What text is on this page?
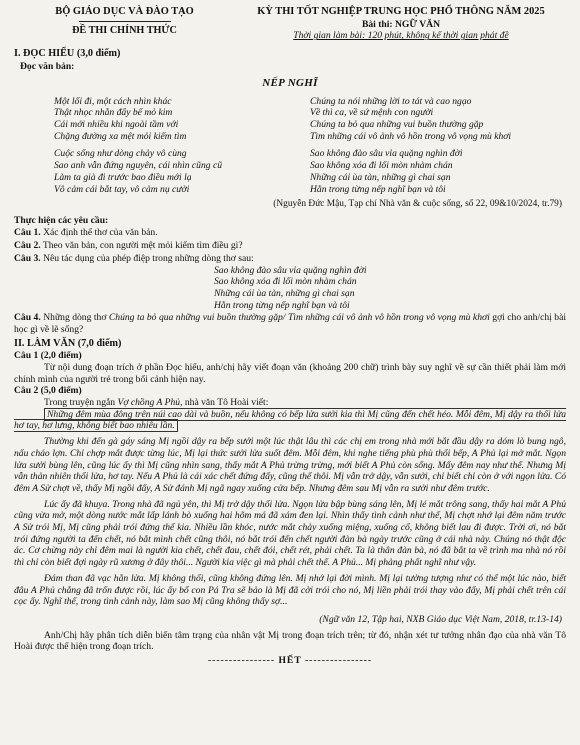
BỘ GIÁO DỤC VÀ ĐÀO TẠO
ĐỀ THI CHÍNH THỨC
KỲ THI TỐT NGHIỆP TRUNG HỌC PHỔ THÔNG NĂM 2025
Bài thi: NGỮ VĂN
Thời gian làm bài: 120 phút, không kể thời gian phát đề
I. ĐỌC HIỂU (3,0 điểm)
Đọc văn bản:
NẾP NGHĨ
Một lối đi, một cách nhìn khác
Thật nhọc nhằn đẩy bể mỏ kim
Cái mới nhiều khi ngoài tầm với
Chặng đường xa mệt mỏi kiếm tìm
Chúng ta nói những lời to tát và cao ngạo
Về thì ca, về sứ mệnh con người
Chúng ta bỏ qua những vui buồn thường gặp
Tìm những cái vô ảnh vô hồn trong vô vọng mù khơi
Cuộc sống như dòng chảy vô cùng
Sao anh vẫn đứng nguyên, cái nhìn cũng cũ
Làm ta già đi trước bao điều mới lạ
Vô cảm cái bắt tay, vô cảm nụ cười
Sao không đào sâu vỉa quặng nghìn đời
Sao không xóa đi lối mòn nhàm chán
Những cái ùa tàn, những gì chai sạn
Hằn trong từng nếp nghĩ bạn và tôi
(Nguyễn Đức Mậu, Tạp chí Nhà văn & cuộc sống, số 22, 09&10/2024, tr.79)
Thực hiện các yêu cầu:

Câu 1. Xác định thể thơ của văn bản.

Câu 2. Theo văn bản, con người mệt mỏi kiếm tìm điều gì?

Câu 3. Nêu tác dụng của phép điệp trong những dòng thơ sau:

Sao không đào sâu vỉa quặng nghìn đời
Sao không xóa đi lối mòn nhàm chán
Những cái ùa tàn, những gì chai sạn
Hằn trong từng nếp nghĩ bạn và tôi

Câu 4. Những dòng thơ Chúng ta bỏ qua những vui buồn thường gặp/ Tìm những cái vô ảnh vô hồn trong vô vọng mù khơi gợi cho anh/chị bài học gì về lẽ sống?

II. LÀM VĂN (7,0 điểm)
Câu 1 (2,0 điểm)

Từ nội dung đoạn trích ở phần Đọc hiểu, anh/chị hãy viết đoạn văn (khoảng 200 chữ) trình bày suy nghĩ về sự cần thiết phải làm mới chính mình của người trẻ trong bối cảnh hiện nay.

Câu 2 (5,0 điểm)

Trong truyện ngắn Vợ chồng A Phủ, nhà văn Tô Hoài viết:

Những đêm mùa đông trên núi cao dài và buồn, nếu không có bếp lửa sưởi kia thì Mị cũng đến chết héo. Mỗi đêm, Mị dậy ra thổi lửa hơ tay, hơ lưng, không biết bao nhiêu lần.

Thường khi đến gà gáy sáng Mị ngồi dậy ra bếp sưởi một lúc thật lâu thì các chị em trong nhà mới bắt đầu dậy ra dóm lò bung ngô, nấu cháo lợn. Chỉ chợp mắt được từng lúc, Mị lại thức sưởi lửa suốt đêm. Mỗi đêm, khi nghe tiếng phù phù thổi bếp, A Phủ lại mở mắt. Ngọn lửa sưởi bùng lên, cũng lúc ấy thì Mị cũng nhìn sang, thấy mắt A Phủ trừng trừng, mới biết A Phủ còn sống. Mấy đêm nay như thế. Nhưng Mị vẫn thản nhiên thổi lửa, hơ tay. Nếu A Phủ là cái xác chết đứng đấy, cũng thế thôi. Mị vẫn trở dậy, vẫn sưởi, chỉ biết chỉ còn ở với ngọn lửa. Có đêm A Sử chợt về, thấy Mị ngồi đấy, A Sử đánh Mị ngã ngay xuống cửa bếp. Nhưng đêm sau Mị vẫn ra sưởi như đêm trước.

Lúc ấy đã khuya. Trong nhà đã ngủ yên, thì Mị trở dậy thổi lửa. Ngọn lửa bập bùng sáng lên, Mị lé mắt trông sang, thấy hai mắt A Phủ cũng vừa mở, một dòng nước mắt lấp lánh bò xuống hai hõm má đã xám đen lại. Nhìn thấy tình cảnh như thế, Mị chợt nhớ lại đêm năm trước A Sử trói Mị, Mị cũng phải trói đứng thế kia. Nhiều lần khóc, nước mắt chảy xuống miệng, xuống cổ, không biết lau đi được. Trời ơi, nó bắt trói đứng người ta đến chết, nó bắt mình chết cũng thôi, nó bắt trói đến chết người đàn bà ngày trước cũng ở cái nhà này. Chúng nó thật độc ác. Cơ chừng này chỉ đêm mai là người kia chết, chết đau, chết đói, chết rét, phải chết. Ta là thân đàn bà, nó đã bắt ta về trình ma nhà nó rồi thì chỉ còn biết đợi ngày rũ xương ở đây thôi... Người kia việc gì mà phải chết thế. A Phủ... Mị phảng phất nghĩ như vậy.

Đám than đã vạc hẳn lửa. Mị không thổi, cũng không đứng lên. Mị nhớ lại đời mình. Mị lại tưởng tượng như có thể một lúc nào, biết đâu A Phủ chẳng đã trốn được rồi, lúc ấy bố con Pá Tra sẽ bảo là Mị đã cởi trói cho nó, Mị liền phải trói thay vào đấy, Mị phải chết trên cái cọc ấy. Nghĩ thế, trong tình cảnh này, làm sao Mị cũng không thấy sợ...

(Ngữ văn 12, Tập hai, NXB Giáo dục Việt Nam, 2018, tr.13-14)

Anh/Chị hãy phân tích diễn biến tâm trạng của nhân vật Mị trong đoạn trích trên; từ đó, nhận xét tư tưởng nhân đạo của nhà văn Tô Hoài được thể hiện trong đoạn trích.

---------------- HẾT ----------------
